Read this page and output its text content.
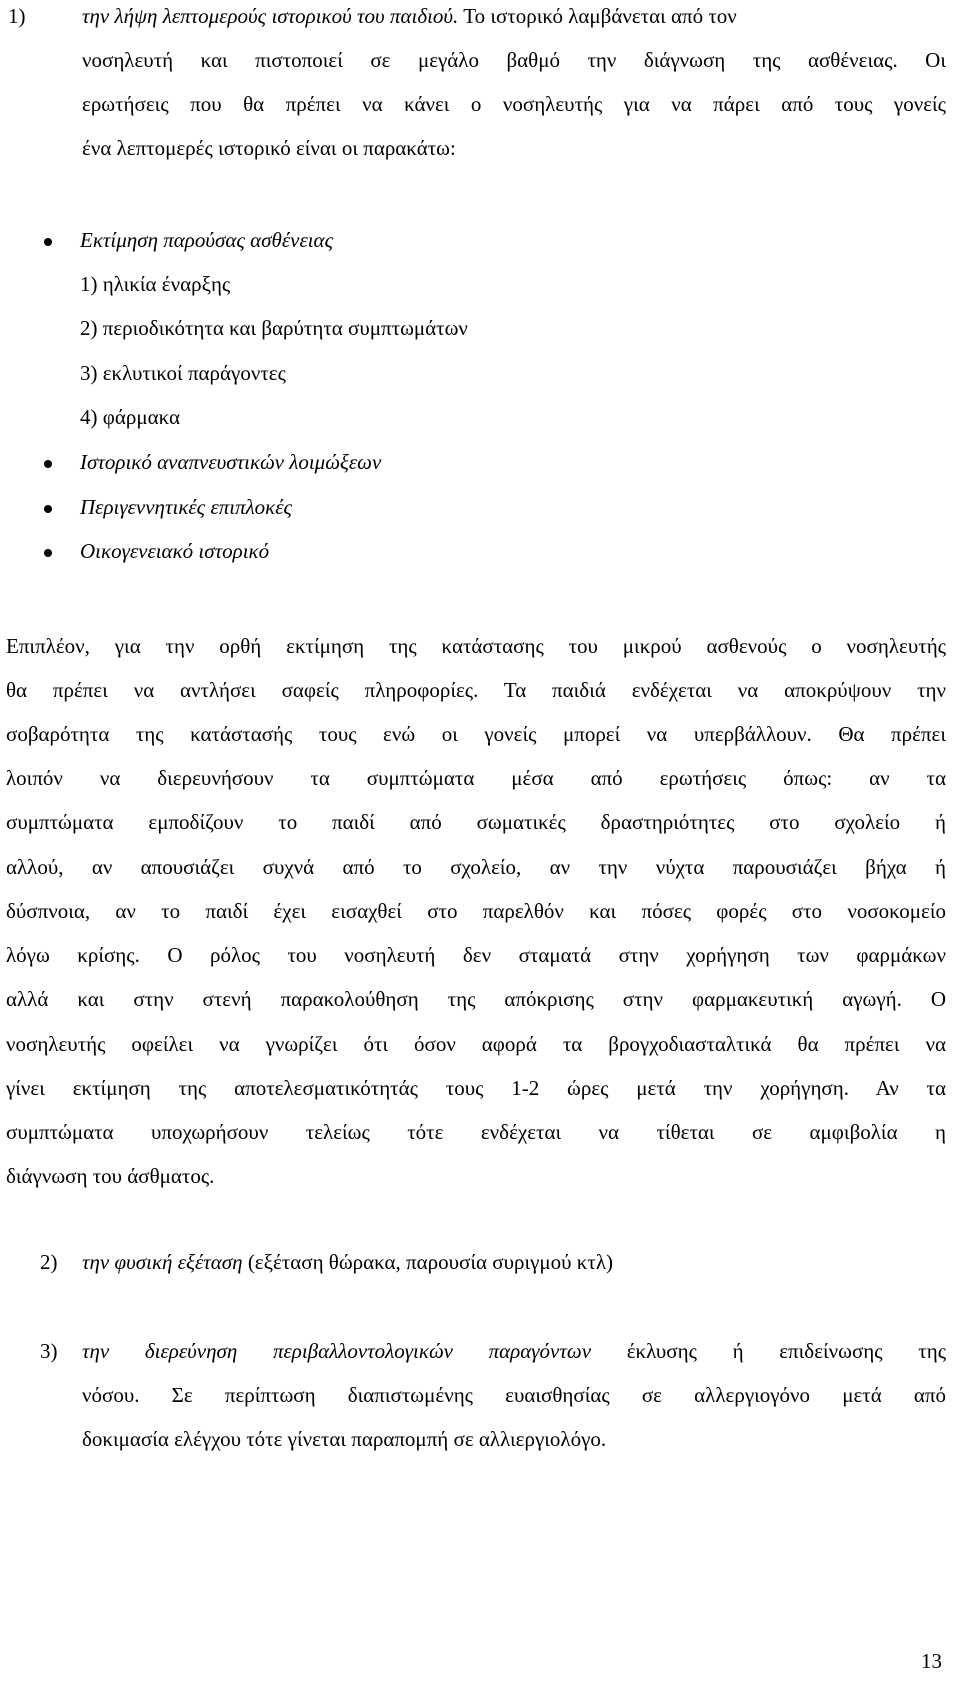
1)	την λήψη λεπτομερούς ιστορικού του παιδιού. Το ιστορικό λαμβάνεται από τον
νοσηλευτή και πιστοποιεί σε μεγάλο βαθμό την διάγνωση της ασθένειας. Οι
ερωτήσεις που θα πρέπει να κάνει ο νοσηλευτής για να πάρει από τους γονείς
ένα λεπτομερές ιστορικό είναι οι παρακάτω:
Εκτίμηση παρούσας ασθένειας
1) ηλικία έναρξης
2) περιοδικότητα και βαρύτητα συμπτωμάτων
3) εκλυτικοί παράγοντες
4) φάρμακα
Ιστορικό αναπνευστικών λοιμώξεων
Περιγεννητικές επιπλοκές
Οικογενειακό ιστορικό
Επιπλέον, για την ορθή εκτίμηση της κατάστασης του μικρού ασθενούς ο νοσηλευτής
θα πρέπει να αντλήσει σαφείς πληροφορίες. Τα παιδιά ενδέχεται να αποκρύψουν την
σοβαρότητα της κατάστασής τους ενώ οι γονείς μπορεί να υπερβάλλουν. Θα πρέπει
λοιπόν να διερευνήσουν τα συμπτώματα μέσα από ερωτήσεις όπως: αν τα
συμπτώματα εμποδίζουν το παιδί από σωματικές δραστηριότητες στο σχολείο ή
αλλού, αν απουσιάζει συχνά από το σχολείο, αν την νύχτα παρουσιάζει βήχα ή
δύσπνοια, αν το παιδί έχει εισαχθεί στο παρελθόν και πόσες φορές στο νοσοκομείο
λόγω κρίσης. Ο ρόλος του νοσηλευτή δεν σταματά στην χορήγηση των φαρμάκων
αλλά και στην στενή παρακολούθηση της απόκρισης στην φαρμακευτική αγωγή. Ο
νοσηλευτής οφείλει να γνωρίζει ότι όσον αφορά τα βρογχοδιασταλτικά θα πρέπει να
γίνει εκτίμηση της αποτελεσματικότητάς τους 1-2 ώρες μετά την χορήγηση. Αν τα
συμπτώματα υποχωρήσουν τελείως τότε ενδέχεται να τίθεται σε αμφιβολία η
διάγνωση του άσθματος.
2) την φυσική εξέταση (εξέταση θώρακα, παρουσία συριγμού κτλ)
3) την διερεύνηση περιβαλλοντολογικών παραγόντων έκλυσης ή επιδείνωσης της
νόσου. Σε περίπτωση διαπιστωμένης ευαισθησίας σε αλλεργιογόνο μετά από
δοκιμασία ελέγχου τότε γίνεται παραπομπή σε αλλιεργιολόγο.
13
